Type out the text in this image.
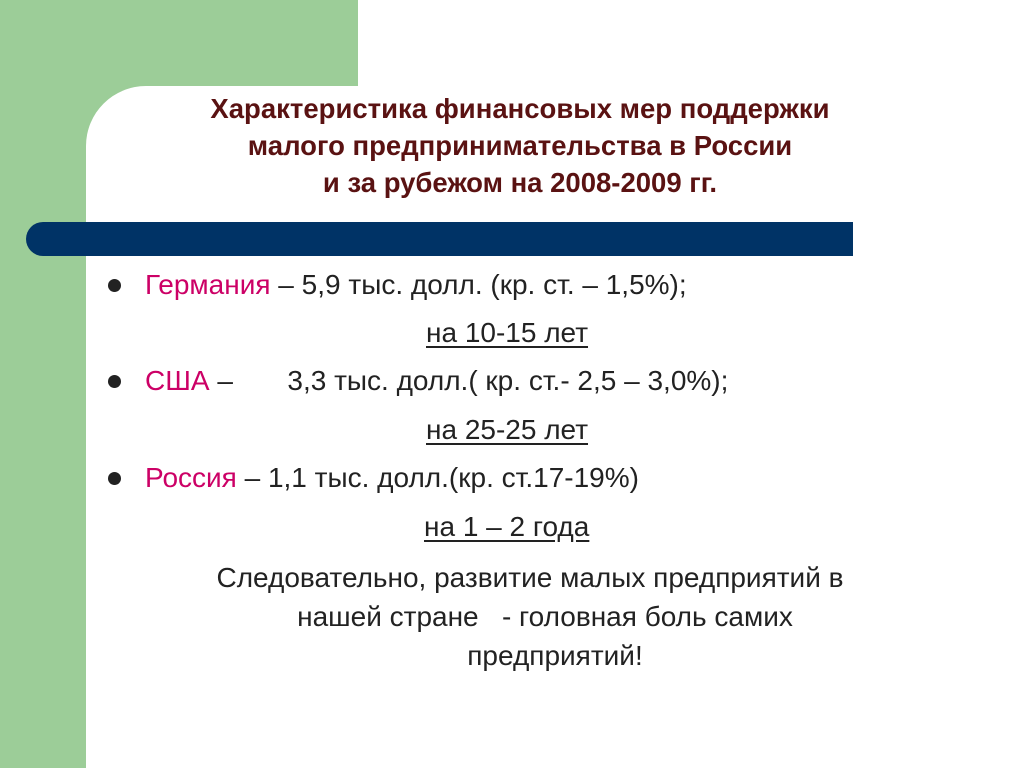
Характеристика финансовых мер поддержки
малого предпринимательства в России
и за рубежом на 2008-2009 гг.
Германия – 5,9 тыс. долл. (кр. ст. – 1,5%);
на 10-15 лет
США –       3,3 тыс. долл.( кр. ст.- 2,5 – 3,0%);
на 25-25 лет
Россия – 1,1 тыс. долл.(кр. ст.17-19%)
на 1 – 2 года
Следовательно, развитие малых предприятий в
нашей стране   - головная боль самих
предприятий!
